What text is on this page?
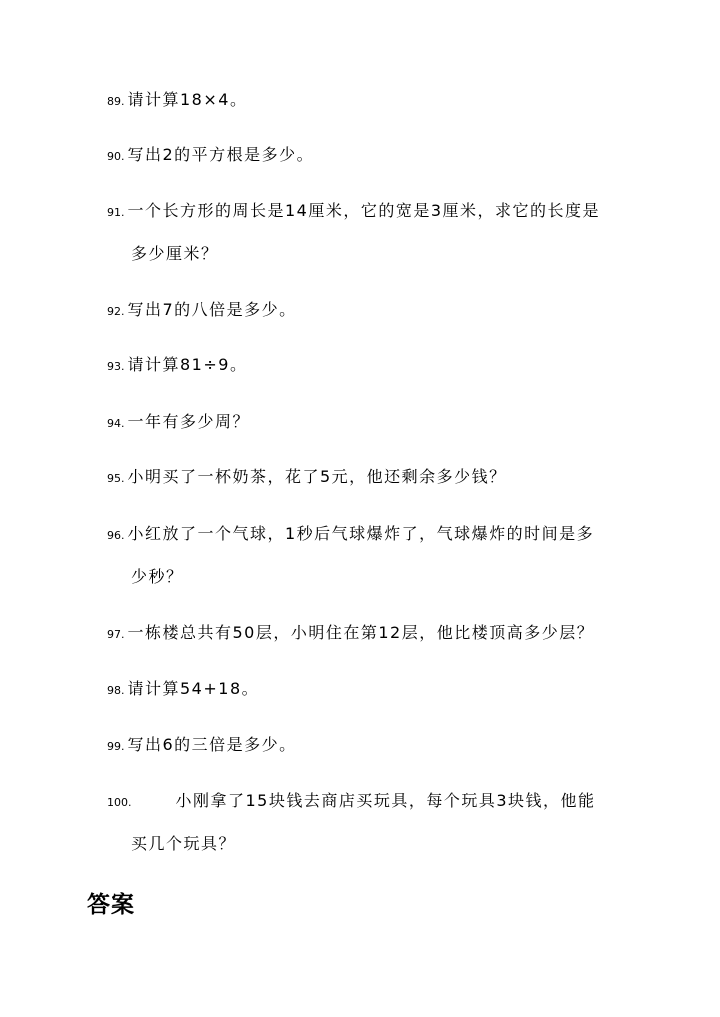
89. 请计算18×4。
90. 写出2的平方根是多少。
91. 一个长方形的周长是14厘米，它的宽是3厘米，求它的长度是
多少厘米？
92. 写出7的八倍是多少。
93. 请计算81÷9。
94. 一年有多少周？
95. 小明买了一杯奶茶，花了5元，他还剩余多少钱？
96. 小红放了一个气球，1秒后气球爆炸了，气球爆炸的时间是多
少秒？
97. 一栋楼总共有50层，小明住在第12层，他比楼顶高多少层？
98. 请计算54+18。
99. 写出6的三倍是多少。
100.	小刚拿了15块钱去商店买玩具，每个玩具3块钱，他能
买几个玩具？
答案
